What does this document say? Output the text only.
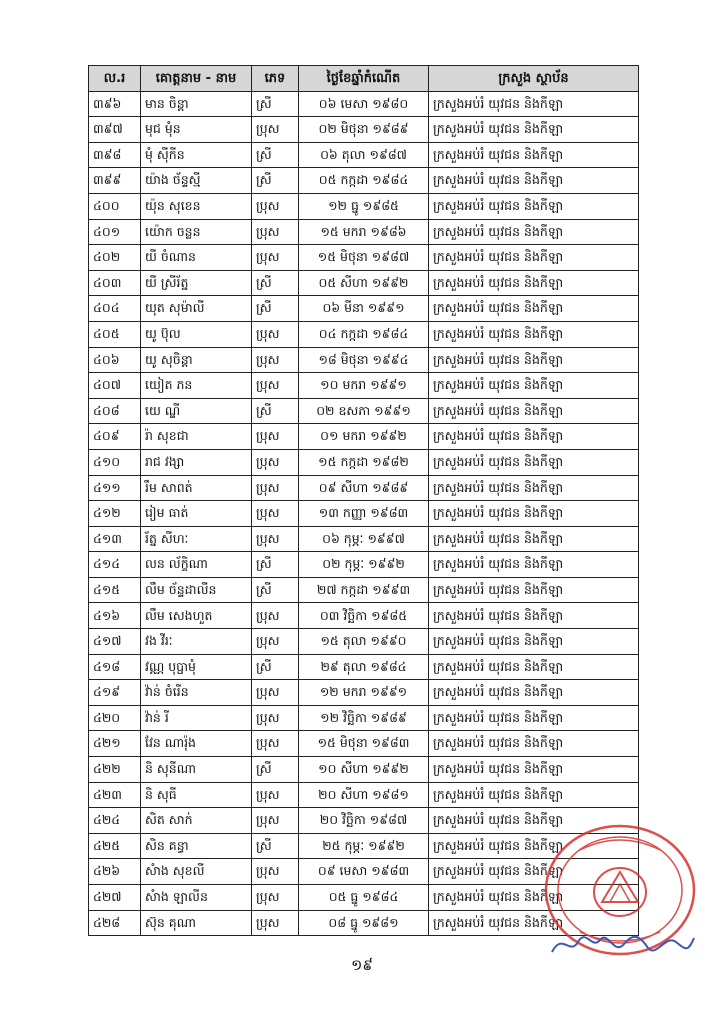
ល.រ	គោត្តនាម - នាម	ភេទ	ថ្ងៃខែឆ្នាំកំណើត	ក្រសួង ស្ថាប័ន
៣៩៦	មាន ចិន្តា	ស្រី	០៦ មេសា ១៩៨០	ក្រសួងអប់រំ យុវជន និងកីឡា
៣៩៧	មុជ មុំន	ប្រុស	០២ មិថុនា ១៩៨៩	ក្រសួងអប់រំ យុវជន និងកីឡា
៣៩៨	មុំ ស៊ីកីន	ស្រី	០៦ តុលា ១៩៨៧	ក្រសួងអប់រំ យុវជន និងកីឡា
៣៩៩	យ៉ាង ច័ន្ទស្មី	ស្រី	០៥ កក្កដា ១៩៨៤	ក្រសួងអប់រំ យុវជន និងកីឡា
៤០០	យ៉ុន សុខេន	ប្រុស	១២ ធ្នូ ១៩៨៥	ក្រសួងអប់រំ យុវជន និងកីឡា
៤០១	យ៉ោក ចន្លន	ប្រុស	១៥ មករា ១៩៨៦	ក្រសួងអប់រំ យុវជន និងកីឡា
៤០២	យី ចំណាន	ប្រុស	១៥ មិថុនា ១៩៨៧	ក្រសួងអប់រំ យុវជន និងកីឡា
៤០៣	យី ស្រីរ័ត្ន	ស្រី	០៥ សីហា ១៩៩២	ក្រសួងអប់រំ យុវជន និងកីឡា
៤០៤	យុត សុម៉ាលី	ស្រី	០៦ មីនា ១៩៩១	ក្រសួងអប់រំ យុវជន និងកីឡា
៤០៥	យូ ប៊ុល	ប្រុស	០៤ កក្កដា ១៩៨៤	ក្រសួងអប់រំ យុវជន និងកីឡា
៤០៦	យូ សុចិន្តា	ប្រុស	១៨ មិថុនា ១៩៩៤	ក្រសួងអប់រំ យុវជន និងកីឡា
៤០៧	យៀត ភន	ប្រុស	១០ មករា ១៩៩១	ក្រសួងអប់រំ យុវជន និងកីឡា
៤០៨	យេ ណ្ឌី	ស្រី	០២ ឧសភា ១៩៩១	ក្រសួងអប់រំ យុវជន និងកីឡា
៤០៩	រ៉ា សុខជា	ប្រុស	០១ មករា ១៩៩២	ក្រសួងអប់រំ យុវជន និងកីឡា
៤១០	រាជ វង្សា	ប្រុស	១៥ កក្កដា ១៩៨២	ក្រសួងអប់រំ យុវជន និងកីឡា
៤១១	រឹម សាពត់	ប្រុស	០៩ សីហា ១៩៨៩	ក្រសួងអប់រំ យុវជន និងកីឡា
៤១២	រៀម ធាត់	ប្រុស	១៣ កញ្ញា ១៩៨៣	ក្រសួងអប់រំ យុវជន និងកីឡា
៤១៣	រ័ត្ន សីហៈ	ប្រុស	០៦ កុម្ភៈ ១៩៩៧	ក្រសួងអប់រំ យុវជន និងកីឡា
៤១៤	លន ល័ក្ខិណា	ស្រី	០២ កុម្ភៈ ១៩៩២	ក្រសួងអប់រំ យុវជន និងកីឡា
៤១៥	លឹម ច័ន្ទដាលីន	ស្រី	២៧ កក្កដា ១៩៩៣	ក្រសួងអប់រំ យុវជន និងកីឡា
៤១៦	លឹម សេងហួត	ប្រុស	០៣ វិច្ឆិកា ១៩៨៥	ក្រសួងអប់រំ យុវជន និងកីឡា
៤១៧	វង វីរៈ	ប្រុស	១៥ តុលា ១៩៩០	ក្រសួងអប់រំ យុវជន និងកីឡា
៤១៨	វណ្ណ បុប្ផាមុំ	ស្រី	២៩ តុលា ១៩៨៤	ក្រសួងអប់រំ យុវជន និងកីឡា
៤១៩	វ៉ាន់ ចំរើន	ប្រុស	១២ មករា ១៩៩១	ក្រសួងអប់រំ យុវជន និងកីឡា
៤២០	វ៉ាន់ រី	ប្រុស	១២ វិច្ឆិកា ១៩៨៩	ក្រសួងអប់រំ យុវជន និងកីឡា
៤២១	វែន ណារ៉ុង	ប្រុស	១៥ មិថុនា ១៩៨៣	ក្រសួងអប់រំ យុវជន និងកីឡា
៤២២	និ សុនីណា	ស្រី	១០ សីហា ១៩៩២	ក្រសួងអប់រំ យុវជន និងកីឡា
៤២៣	និ សុធី	ប្រុស	២០ សីហា ១៩៨១	ក្រសួងអប់រំ យុវជន និងកីឡា
៤២៤	សិត សាក់	ប្រុស	២០ វិច្ឆិកា ១៩៨៧	ក្រសួងអប់រំ យុវជន និងកីឡា
៤២៥	សិន គន្ធា	ស្រី	២៥ កុម្ភៈ ១៩៩២	ក្រសួងអប់រំ យុវជន និងកីឡា
៤២៦	សំាង សុខលី	ប្រុស	០៩ មេសា ១៩៨៣	ក្រសួងអប់រំ យុវជន និងកីឡា
៤២៧	សំាង ឡាលីន	ប្រុស	០៥ ធ្នូ ១៩៨៤	ក្រសួងអប់រំ យុវជន និងកីឡា
៤២៨	ស៊ុន គុណា	ប្រុស	០៨ ធ្នូ ១៩៨១	ក្រសួងអប់រំ យុវជន និងកីឡា
១៩
